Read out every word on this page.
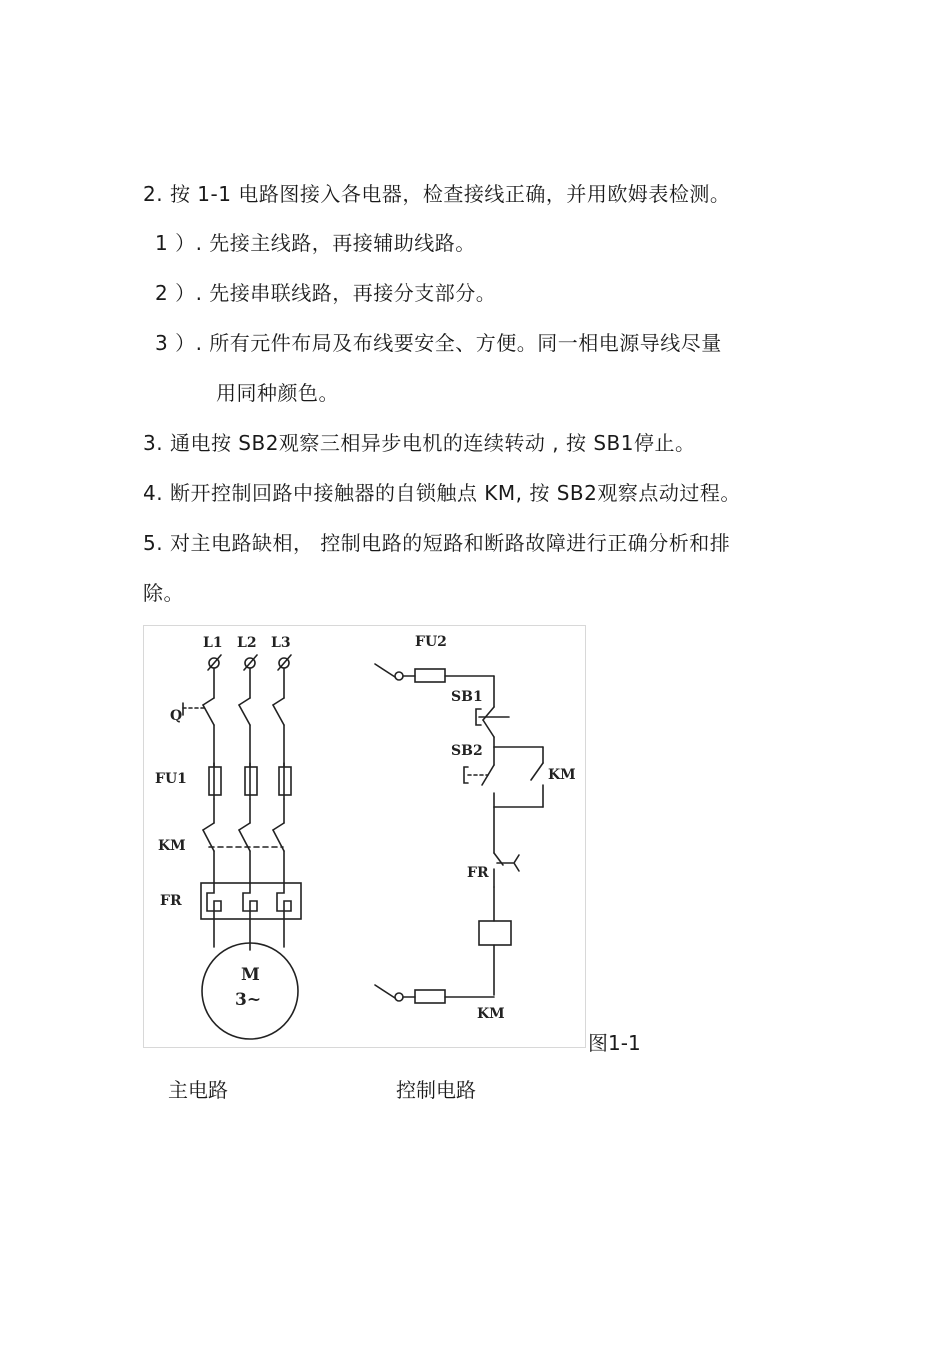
2. 按 1-1 电路图接入各电器，检查接线正确，并用欧姆表检测。
1 ）. 先接主线路，再接辅助线路。
2 ）. 先接串联线路，再接分支部分。
3 ）. 所有元件布局及布线要安全、方便。同一相电源导线尽量
用同种颜色。
3. 通电按 SB2观察三相异步电机的连续转动 , 按 SB1停止。
4. 断开控制回路中接触器的自锁触点 KM, 按 SB2观察点动过程。
5. 对主电路缺相， 控制电路的短路和断路故障进行正确分析和排
除。
L1 L2 L3
Q
FU1
KM
FR
M
3~
FU2
SB1
SB2
KM
FR
KM
图1-1
主电路	控制电路
